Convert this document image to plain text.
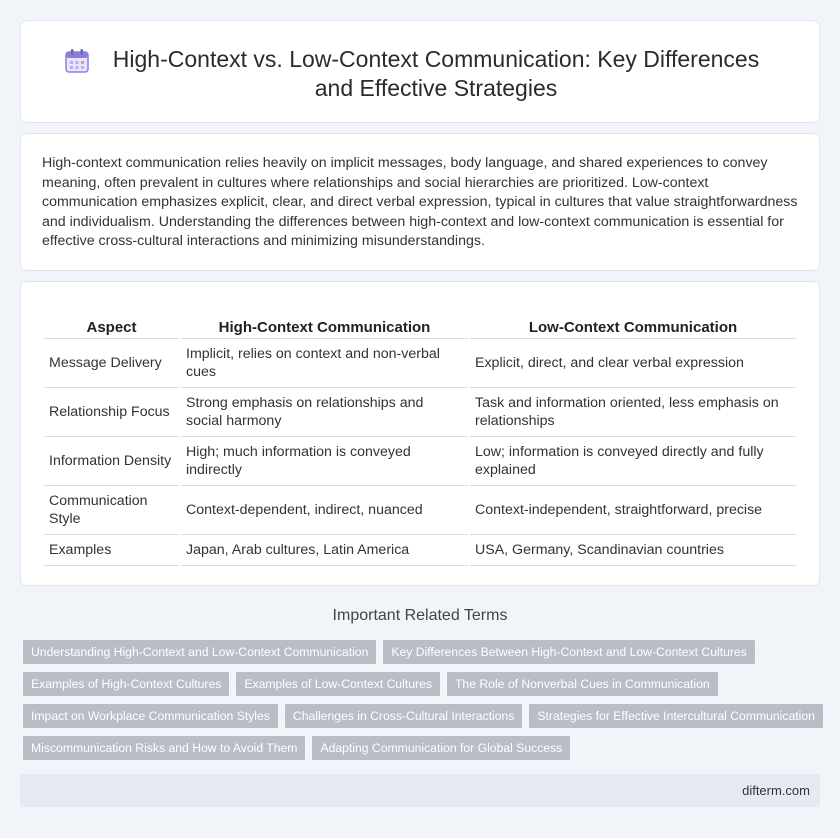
High-Context vs. Low-Context Communication: Key Differences and Effective Strategies

High-context communication relies heavily on implicit messages, body language, and shared experiences to convey meaning, often prevalent in cultures where relationships and social hierarchies are prioritized. Low-context communication emphasizes explicit, clear, and direct verbal expression, typical in cultures that value straightforwardness and individualism. Understanding the differences between high-context and low-context communication is essential for effective cross-cultural interactions and minimizing misunderstandings.

Aspect	High-Context Communication	Low-Context Communication
Message Delivery	Implicit, relies on context and non-verbal cues	Explicit, direct, and clear verbal expression
Relationship Focus	Strong emphasis on relationships and social harmony	Task and information oriented, less emphasis on relationships
Information Density	High; much information is conveyed indirectly	Low; information is conveyed directly and fully explained
Communication Style	Context-dependent, indirect, nuanced	Context-independent, straightforward, precise
Examples	Japan, Arab cultures, Latin America	USA, Germany, Scandinavian countries
Important Related Terms
Understanding High-Context and Low-Context Communication Key Differences Between High-Context and Low-Context Cultures
Examples of High-Context Cultures Examples of Low-Context Cultures The Role of Nonverbal Cues in Communication
Impact on Workplace Communication Styles Challenges in Cross-Cultural Interactions Strategies for Effective Intercultural Communication
Miscommunication Risks and How to Avoid Them Adapting Communication for Global Success
difterm.com
